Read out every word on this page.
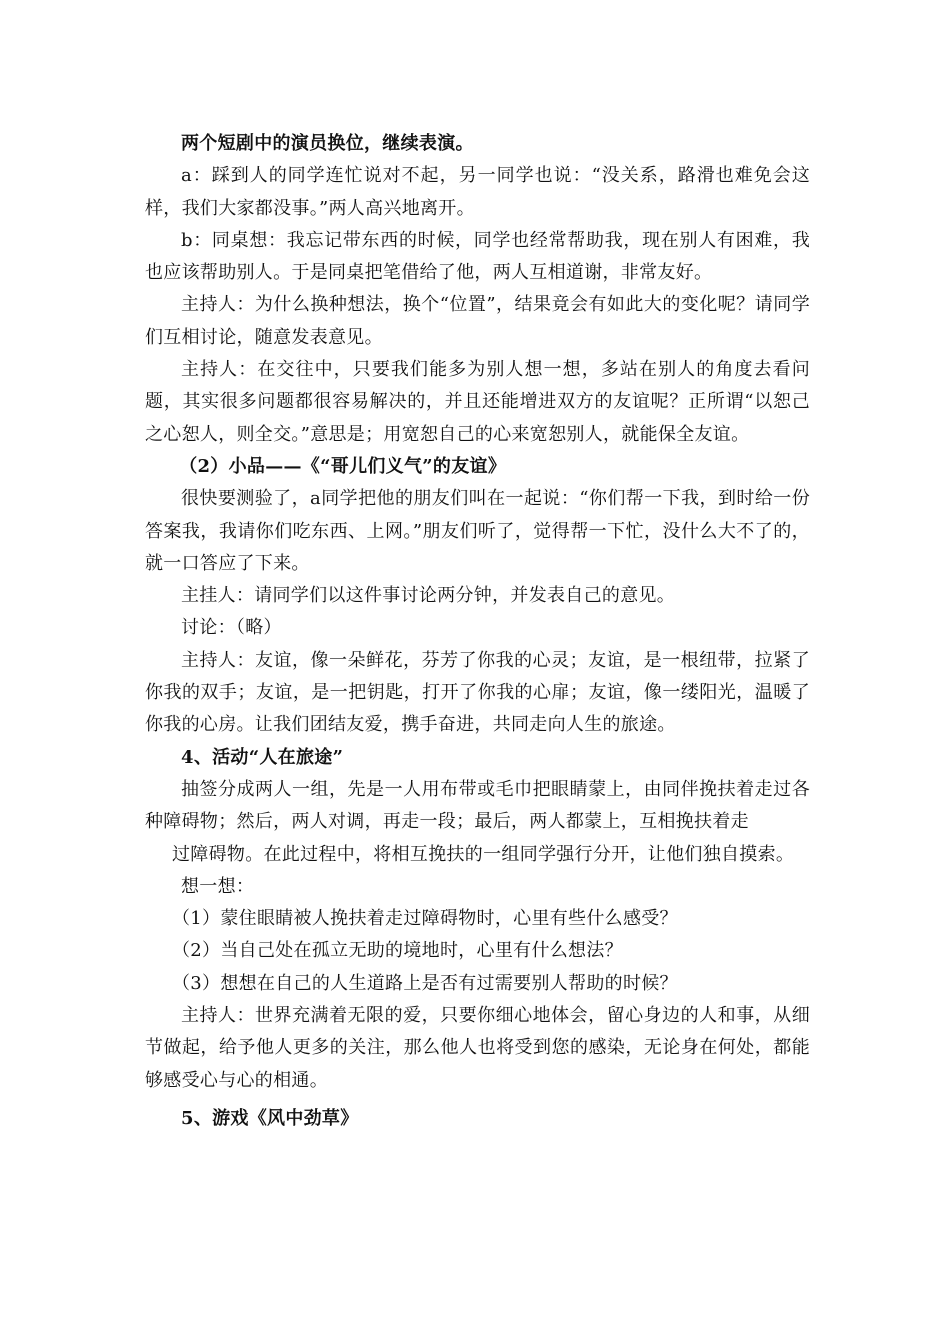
两个短剧中的演员换位，继续表演。

a：踩到人的同学连忙说对不起，另一同学也说：“没关系，路滑也难免会这样，我们大家都没事。”两人高兴地离开。

b：同桌想：我忘记带东西的时候，同学也经常帮助我，现在别人有困难，我也应该帮助别人。于是同桌把笔借给了他，两人互相道谢，非常友好。

主持人：为什么换种想法，换个“位置”，结果竟会有如此大的变化呢？请同学们互相讨论，随意发表意见。

主持人：在交往中，只要我们能多为别人想一想，多站在别人的角度去看问题，其实很多问题都很容易解决的，并且还能增进双方的友谊呢？正所谓“以恕己之心恕人，则全交。”意思是；用宽恕自己的心来宽恕别人，就能保全友谊。

（2）小品——《“哥儿们义气”的友谊》

很快要测验了，a同学把他的朋友们叫在一起说：“你们帮一下我，到时给一份答案我，我请你们吃东西、上网。”朋友们听了，觉得帮一下忙，没什么大不了的，就一口答应了下来。

主挂人：请同学们以这件事讨论两分钟，并发表自己的意见。

讨论：（略）

主持人：友谊，像一朵鲜花，芬芳了你我的心灵；友谊，是一根纽带，拉紧了你我的双手；友谊，是一把钥匙，打开了你我的心扉；友谊，像一缕阳光，温暖了你我的心房。让我们团结友爱，携手奋进，共同走向人生的旅途。

4、活动“人在旅途”

抽签分成两人一组，先是一人用布带或毛巾把眼睛蒙上，由同伴挽扶着走过各种障碍物；然后，两人对调，再走一段；最后，两人都蒙上，互相挽扶着走
过障碍物。在此过程中，将相互挽扶的一组同学强行分开，让他们独自摸索。

想一想：

（1）蒙住眼睛被人挽扶着走过障碍物时，心里有些什么感受？

（2）当自己处在孤立无助的境地时，心里有什么想法？

（3）想想在自己的人生道路上是否有过需要别人帮助的时候？

主持人：世界充满着无限的爱，只要你细心地体会，留心身边的人和事，从细节做起，给予他人更多的关注，那么他人也将受到您的感染，无论身在何处，都能够感受心与心的相通。

5、游戏《风中劲草》
